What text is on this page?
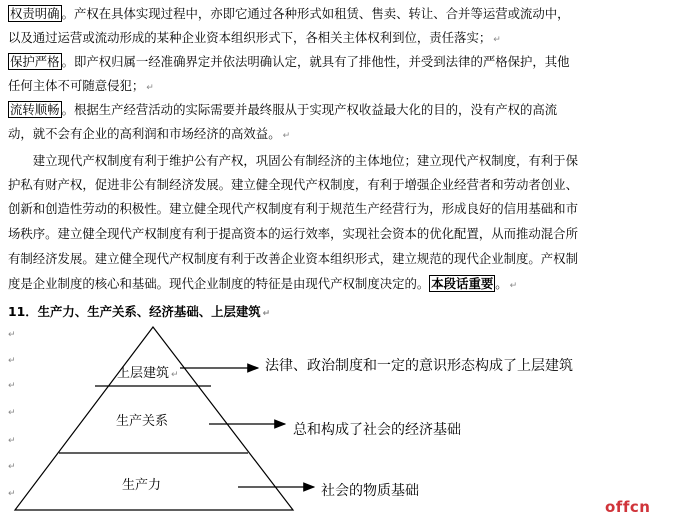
权责明确 。产权在具体实现过程中，亦即它通过各种形式如租赁、售卖、转让、合并等运营或流动中，
以及通过运营或流动形成的某种企业资本组织形式下，各相关主体权利到位，责任落实； ↵
保护严格 。即产权归属一经准确界定并依法明确认定，就具有了排他性，并受到法律的严格保护，其他
任何主体不可随意侵犯； ↵
流转顺畅 。根据生产经营活动的实际需要并最终服从于实现产权收益最大化的目的，没有产权的高流
动，就不会有企业的高利润和市场经济的高效益。 ↵
　　建立现代产权制度有利于维护公有产权，巩固公有制经济的主体地位；建立现代产权制度，有利于保
护私有财产权，促进非公有制经济发展。建立健全现代产权制度，有利于增强企业经营者和劳动者创业、
创新和创造性劳动的积极性。建立健全现代产权制度有利于规范生产经营行为，形成良好的信用基础和市
场秩序。建立健全现代产权制度有利于提高资本的运行效率，实现社会资本的优化配置，从而推动混合所
有制经济发展。建立健全现代产权制度有利于改善企业资本组织形式，建立规范的现代企业制度。产权制
度是企业制度的核心和基础。现代企业制度的特征是由现代产权制度决定的。 本段话重要 。 ↵
11．生产力、生产关系、经济基础、上层建筑 ↵
↵
↵
↵
↵
↵
↵
↵
上层建筑 ↵
生产关系
生产力
法律、政治制度和一定的意识形态构成了上层建筑
总和构成了社会的经济基础
社会的物质基础
offcn
